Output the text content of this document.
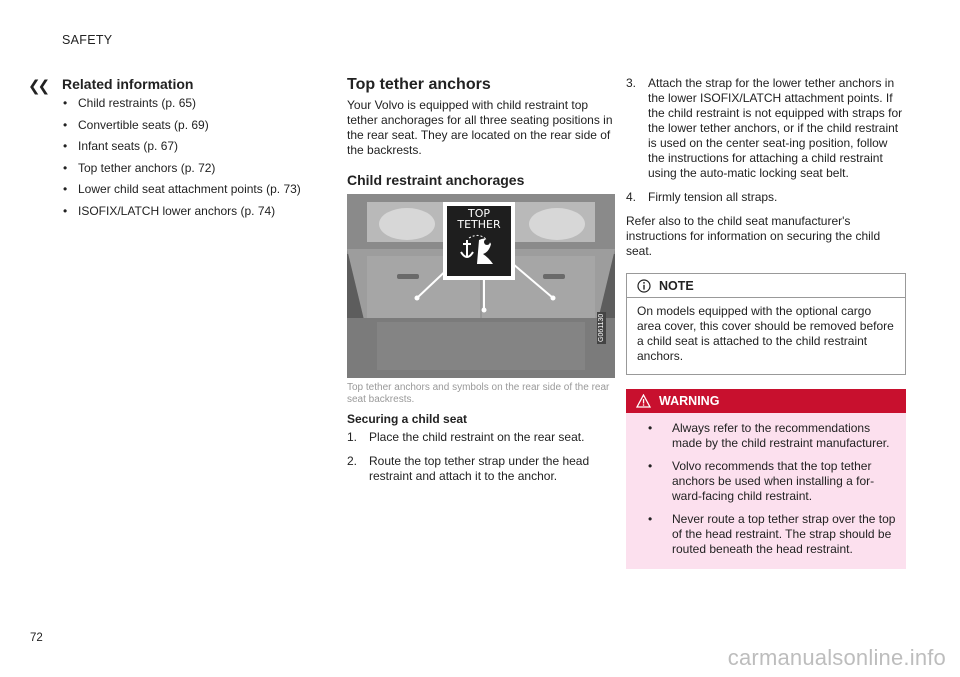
❮❮
SAFETY
Related information
• Child restraints (p. 65)
• Convertible seats (p. 69)
• Infant seats (p. 67)
• Top tether anchors (p. 72)
• Lower child seat attachment points (p. 73)
• ISOFIX/LATCH lower anchors (p. 74)
Top tether anchors

Your Volvo is equipped with child restraint top tether anchorages for all three seating positions in the rear seat. They are located on the rear side of the backrests.

Child restraint anchorages
TOP
TETHER
G061130
Top tether anchors and symbols on the rear side of the rear seat backrests.
Securing a child seat
1. Place the child restraint on the rear seat.
2. Route the top tether strap under the head restraint and attach it to the anchor.
3. Attach the strap for the lower tether anchors in the lower ISOFIX/LATCH attachment points. If the child restraint is not equipped with straps for the lower tether anchors, or if the child restraint is used on the center seat-ing position, follow the instructions for attaching a child restraint using the auto-matic locking seat belt.
4. Firmly tension all straps.

Refer also to the child seat manufacturer's instructions for information on securing the child seat.

NOTE
On models equipped with the optional cargo area cover, this cover should be removed before a child seat is attached to the child restraint anchors.
WARNING
• Always refer to the recommendations made by the child restraint manufacturer.
• Volvo recommends that the top tether anchors be used when installing a for-ward-facing child restraint.
• Never route a top tether strap over the top of the head restraint. The strap should be routed beneath the head restraint.
72
carmanualsonline.info
